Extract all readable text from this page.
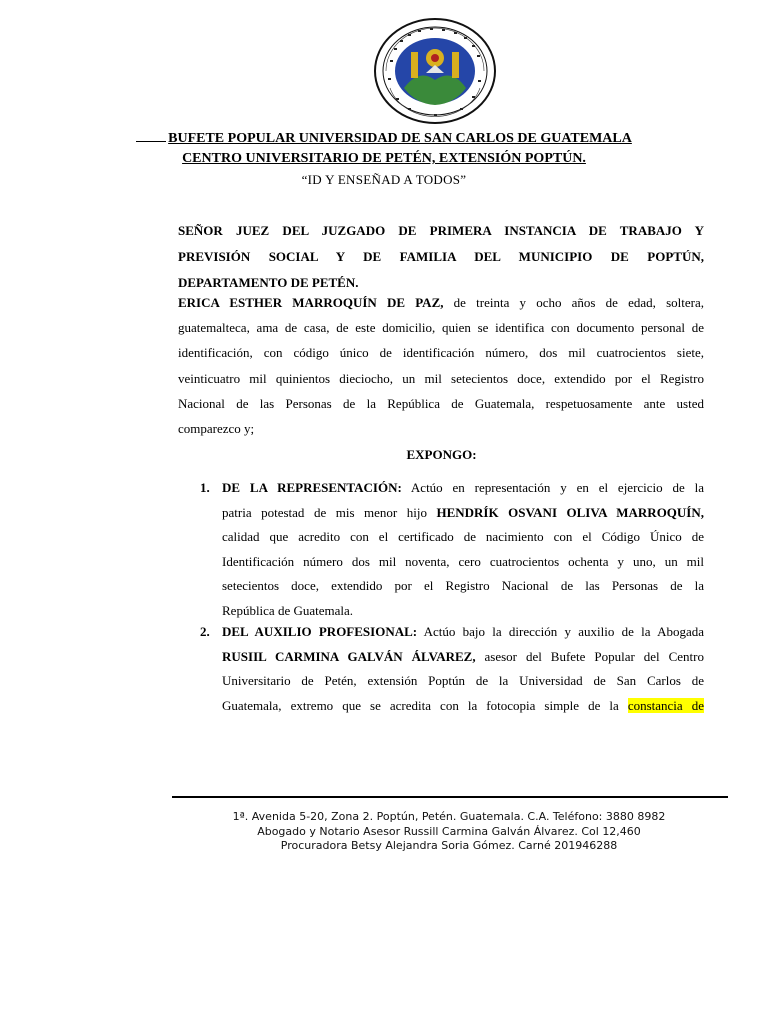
BUFETE POPULAR UNIVERSIDAD DE SAN CARLOS DE GUATEMALA
CENTRO UNIVERSITARIO DE PETÉN, EXTENSIÓN POPTÚN.
“ID Y ENSEÑAD A TODOS”
SEÑOR JUEZ DEL JUZGADO DE PRIMERA INSTANCIA DE TRABAJO Y
PREVISIÓN SOCIAL Y DE FAMILIA DEL MUNICIPIO DE POPTÚN,
DEPARTAMENTO DE PETÉN.
ERICA ESTHER MARROQUÍN DE PAZ, de treinta y ocho años de edad, soltera,
guatemalteca, ama de casa, de este domicilio, quien se identifica con documento personal de
identificación, con código único de identificación número, dos mil cuatrocientos siete,
veinticuatro mil quinientos dieciocho, un mil setecientos doce, extendido por el Registro
Nacional de las Personas de la República de Guatemala, respetuosamente ante usted
comparezco y;
EXPONGO:
1. DE LA REPRESENTACIÓN: Actúo en representación y en el ejercicio de la
patria potestad de mis menor hijo HENDRÍK OSVANI OLIVA MARROQUÍN,
calidad que acredito con el certificado de nacimiento con el Código Único de
Identificación número dos mil noventa, cero cuatrocientos ochenta y uno, un mil
setecientos doce, extendido por el Registro Nacional de las Personas de la
República de Guatemala.
2. DEL AUXILIO PROFESIONAL: Actúo bajo la dirección y auxilio de la Abogada
RUSIIL CARMINA GALVÁN ÁLVAREZ, asesor del Bufete Popular del Centro
Universitario de Petén, extensión Poptún de la Universidad de San Carlos de
Guatemala, extremo que se acredita con la fotocopia simple de la constancia de
1ª. Avenida 5-20, Zona 2. Poptún, Petén. Guatemala. C.A. Teléfono: 3880 8982
Abogado y Notario Asesor Russill Carmina Galván Álvarez. Col 12,460
Procuradora Betsy Alejandra Soria Gómez. Carné 201946288
